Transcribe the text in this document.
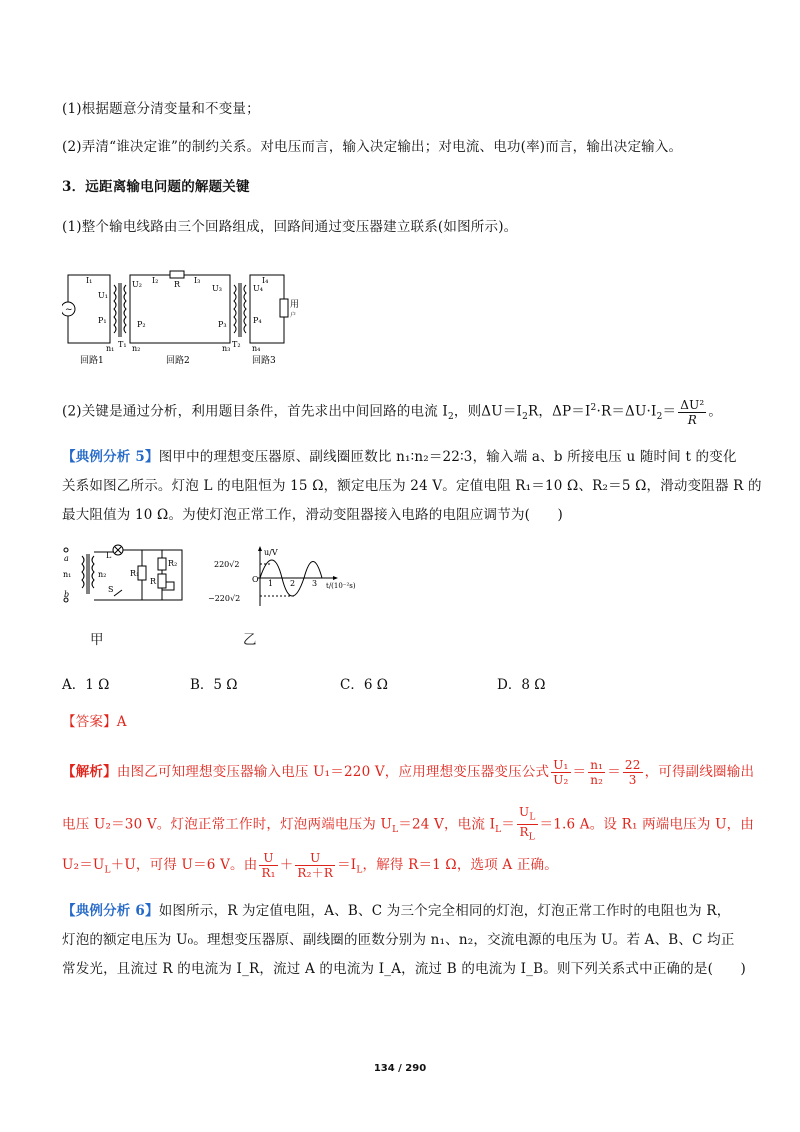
(1)根据题意分清变量和不变量；
(2)弄清“谁决定谁”的制约关系。对电压而言，输入决定输出；对电流、电功(率)而言，输出决定输入。
3．远距离输电问题的解题关键
(1)整个输电线路由三个回路组成，回路间通过变压器建立联系(如图所示)。
~
I₁
U₁
P₁
T₁
n₁
U₂ I₂ R I₃
U₃
P₂	P₃
T₂
n₂	n₃
U₄
I₄
P₄
n₄
用
户
回路1	回路2	回路3
(2)关键是通过分析，利用题目条件，首先求出中间回路的电流 $I_2$，则$\Delta U=I_2R$，$\Delta P=I^2\cdot R=\Delta U\cdot I_2= \frac{\text{ΔU²}}{R}$ 。
【典例分析 5】图甲中的理想变压器原、副线圈匝数比 n₁∶n₂＝22∶3，输入端 a、b 所接电压 u 随时间 t 的变化
关系如图乙所示。灯泡 L 的电阻恒为 15 Ω，额定电压为 24 V。定值电阻 R₁＝10 Ω、R₂＝5 Ω，滑动变阻器 R 的
最大阻值为 10 Ω。为使灯泡正常工作，滑动变阻器接入电路的电阻应调节为(　　)
a
b
n₁	n₂
L
S
R₁
R₂
R
甲
220√2
−220√2
u/V
O 1 2 3 t/(10⁻²s)
乙
A．1 Ω	B．5 Ω	C．6 Ω	D．8 Ω
【答案】A
【解析】由图乙可知理想变压器输入电压 U₁＝220 V，应用理想变压器变压公式 $\frac{\text{U₁}}{\text{U₂}} = \frac{\text{n₁}}{\text{n₂}} = \frac{22}{3}$ ，可得副线圈输出
电压 U₂＝30 V。灯泡正常工作时，灯泡两端电压为 $U_L=24$ V，电流 $I_L= \frac{U_L}{R_L} =1.6$ A。设 R₁ 两端电压为 U，由
$U_2=U_L+U$，可得 U＝6 V。由 $\frac{U}{\text{R₁}} + \frac{U}{\text{R₂＋R}} =I_L$，解得 R＝1 Ω，选项 A 正确。
【典例分析 6】如图所示，R 为定值电阻，A、B、C 为三个完全相同的灯泡，灯泡正常工作时的电阻也为 R，
灯泡的额定电压为 U₀。理想变压器原、副线圈的匝数分别为 n₁、n₂，交流电源的电压为 U。若 A、B、C 均正
常发光，且流过 R 的电流为 I_R，流过 A 的电流为 I_A，流过 B 的电流为 I_B。则下列关系式中正确的是(　　)
134 / 290
